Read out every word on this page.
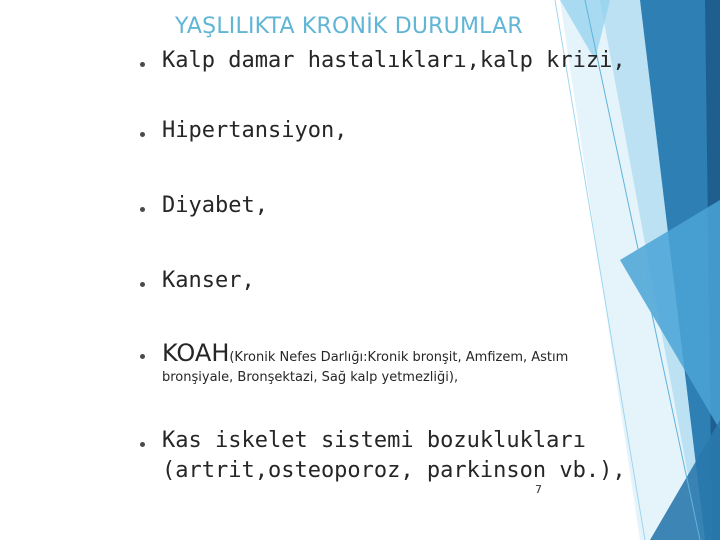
YAŞLILIKTA KRONİK DURUMLAR
Kalp damar hastalıkları,kalp krizi,
Hipertansiyon,
Diyabet,
Kanser,
KOAH(Kronik Nefes Darlığı:Kronik bronşit, Amfizem, Astım
bronşiyale, Bronşektazi, Sağ kalp yetmezliği),
Kas iskelet sistemi bozuklukları
(artrit,osteoporoz, parkinson vb.),
7
